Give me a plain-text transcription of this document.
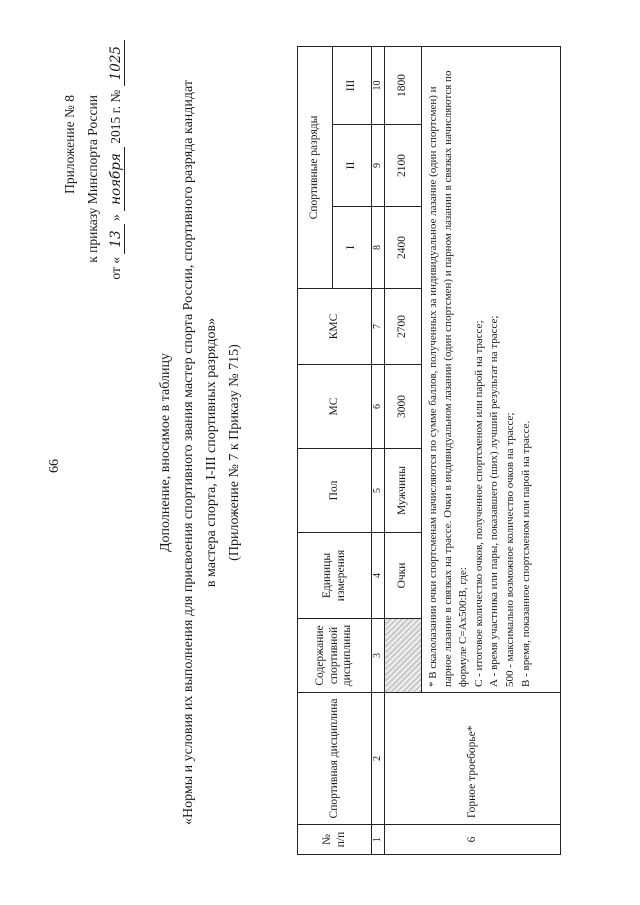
66
Приложение № 8 к приказу Минспорта России
от « 13 » ноября 2015 г. № 1025
Дополнение, вносимое в таблицу «Нормы и условия их выполнения для присвоения спортивного звания мастер спорта России, спортивного разряда кандидат в мастера спорта, I-III спортивных разрядов» (Приложение № 7 к Приказу № 715)
№ п/п	Спортивная дисциплина	Содержание спортивной дисциплины	Единицы измерения	Пол	МС	КМС	Спортивные разряды		
							I	II	III
1	2	3	4	5	6	7	8	9	10
6	Горное троеборье*		Очки	Мужчины	3000	2700	2400	2100	1800

		* В скалолазании очки спортсменам начисляются по сумме баллов, полученных за индивидуальное лазание (один спортсмен) и парное лазание в связках на трассе. Очки в индивидуальном лазании (один спортсмен) и парном лазании в связках начисляются по формуле С=Ах500:В, где: С - итоговое количество очков, полученное спортсменом или парой на трассе; А - время участника или пары, показавшего (ших) лучший результат на трассе; 500 - максимально возможное количество очков на трассе; В - время, показанное спортсменом или парой на трассе.							
